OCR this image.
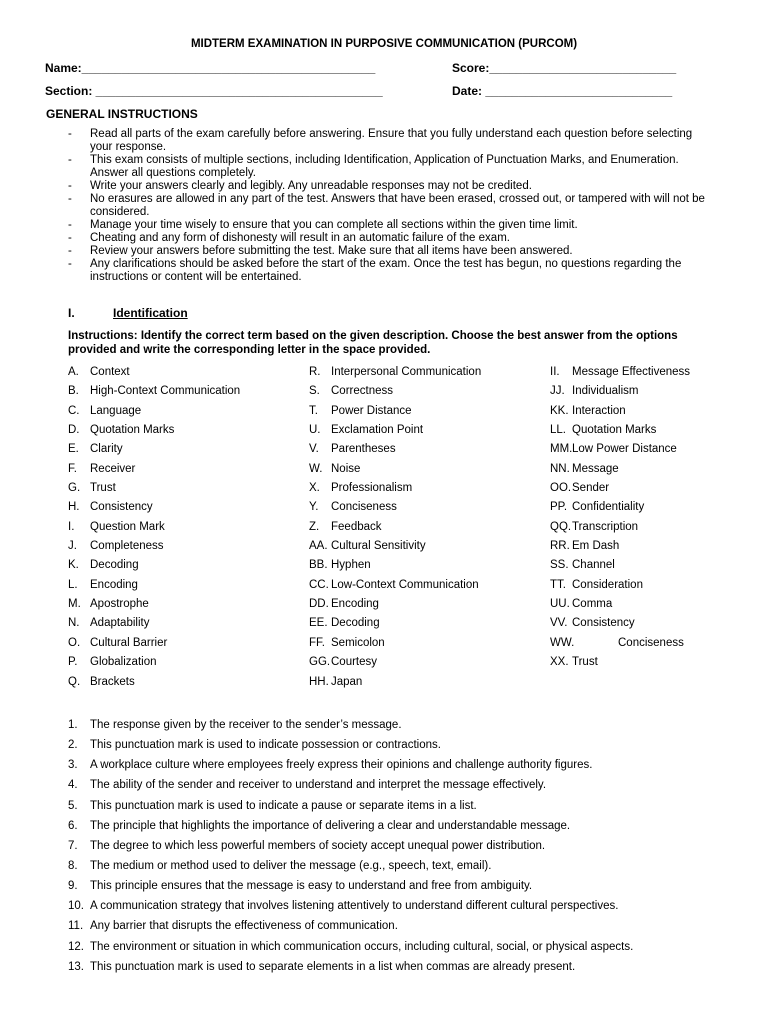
MIDTERM EXAMINATION IN PURPOSIVE COMMUNICATION (PURCOM)
Name:____________________________________________	Score:____________________________
Section: ___________________________________________	Date: ____________________________
GENERAL INSTRUCTIONS
- Read all parts of the exam carefully before answering. Ensure that you fully understand each question before selecting your response.
- This exam consists of multiple sections, including Identification, Application of Punctuation Marks, and Enumeration. Answer all questions completely.
- Write your answers clearly and legibly. Any unreadable responses may not be credited.
- No erasures are allowed in any part of the test. Answers that have been erased, crossed out, or tampered with will not be considered.
- Manage your time wisely to ensure that you can complete all sections within the given time limit.
- Cheating and any form of dishonesty will result in an automatic failure of the exam.
- Review your answers before submitting the test. Make sure that all items have been answered.
- Any clarifications should be asked before the start of the exam. Once the test has begun, no questions regarding the instructions or content will be entertained.
I.	Identification
Instructions: Identify the correct term based on the given description. Choose the best answer from the options provided and write the corresponding letter in the space provided.
A. Context
B. High-Context Communication
C. Language
D. Quotation Marks
E. Clarity
F. Receiver
G. Trust
H. Consistency
I. Question Mark
J. Completeness
K. Decoding
L. Encoding
M. Apostrophe
N. Adaptability
O. Cultural Barrier
P. Globalization
Q. Brackets
R. Interpersonal Communication
S. Correctness
T. Power Distance
U. Exclamation Point
V. Parentheses
W. Noise
X. Professionalism
Y. Conciseness
Z. Feedback
AA. Cultural Sensitivity
BB. Hyphen
CC. Low-Context Communication
DD. Encoding
EE. Decoding
FF. Semicolon
GG.Courtesy
HH. Japan
II. Message Effectiveness
JJ. Individualism
KK. Interaction
LL. Quotation Marks
MM.Low Power Distance
NN. Message
OO.Sender
PP. Confidentiality
QQ.Transcription
RR. Em Dash
SS. Channel
TT. Consideration
UU. Comma
VV. Consistency
WW.	Conciseness
XX. Trust
1. The response given by the receiver to the sender’s message.
2. This punctuation mark is used to indicate possession or contractions.
3. A workplace culture where employees freely express their opinions and challenge authority figures.
4. The ability of the sender and receiver to understand and interpret the message effectively.
5. This punctuation mark is used to indicate a pause or separate items in a list.
6. The principle that highlights the importance of delivering a clear and understandable message.
7. The degree to which less powerful members of society accept unequal power distribution.
8. The medium or method used to deliver the message (e.g., speech, text, email).
9. This principle ensures that the message is easy to understand and free from ambiguity.
10. A communication strategy that involves listening attentively to understand different cultural perspectives.
11. Any barrier that disrupts the effectiveness of communication.
12. The environment or situation in which communication occurs, including cultural, social, or physical aspects.
13. This punctuation mark is used to separate elements in a list when commas are already present.
